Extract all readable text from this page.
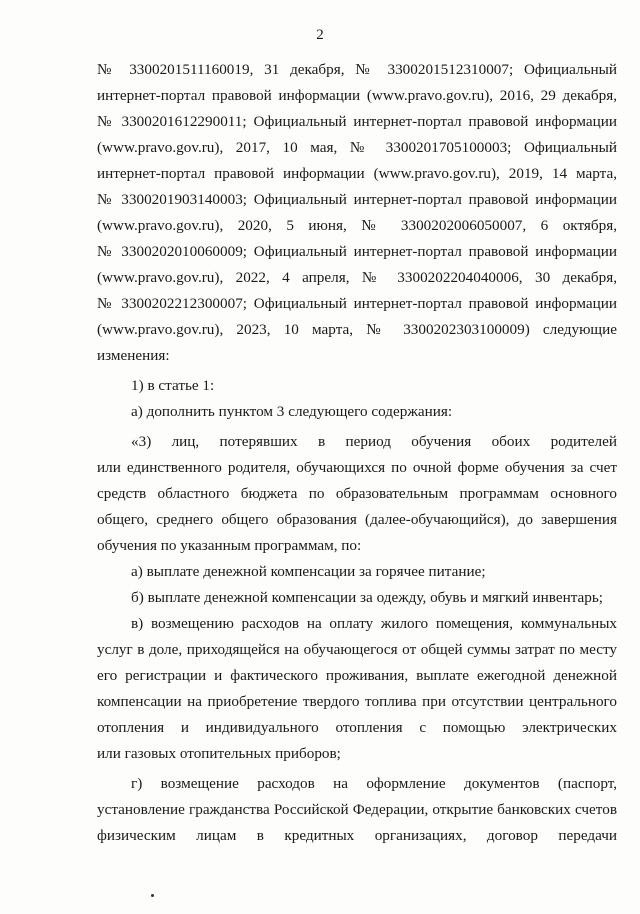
2
№ 3300201511160019, 31 декабря, № 3300201512310007; Официальный
интернет-портал правовой информации (www.pravo.gov.ru), 2016, 29 декабря,
№ 3300201612290011; Официальный интернет-портал правовой информации
(www.pravo.gov.ru), 2017, 10 мая, № 3300201705100003; Официальный
интернет-портал правовой информации (www.pravo.gov.ru), 2019, 14 марта,
№ 3300201903140003; Официальный интернет-портал правовой информации
(www.pravo.gov.ru), 2020, 5 июня, № 3300202006050007, 6 октября,
№ 3300202010060009; Официальный интернет-портал правовой информации
(www.pravo.gov.ru), 2022, 4 апреля, № 3300202204040006, 30 декабря,
№ 3300202212300007; Официальный интернет-портал правовой информации
(www.pravo.gov.ru), 2023, 10 марта, № 3300202303100009) следующие
изменения:
1) в статье 1:
а) дополнить пунктом 3 следующего содержания:
«3) лиц, потерявших в период обучения обоих родителей
или единственного родителя, обучающихся по очной форме обучения за счет
средств областного бюджета по образовательным программам основного
общего, среднего общего образования (далее-обучающийся), до завершения
обучения по указанным программам, по:
а) выплате денежной компенсации за горячее питание;
б) выплате денежной компенсации за одежду, обувь и мягкий инвентарь;
в) возмещению расходов на оплату жилого помещения, коммунальных
услуг в доле, приходящейся на обучающегося от общей суммы затрат по месту
его регистрации и фактического проживания, выплате ежегодной денежной
компенсации на приобретение твердого топлива при отсутствии центрального
отопления и индивидуального отопления с помощью электрических
или газовых отопительных приборов;
г) возмещение расходов на оформление документов (паспорт,
установление гражданства Российской Федерации, открытие банковских счетов
физическим лицам в кредитных организациях, договор передачи
